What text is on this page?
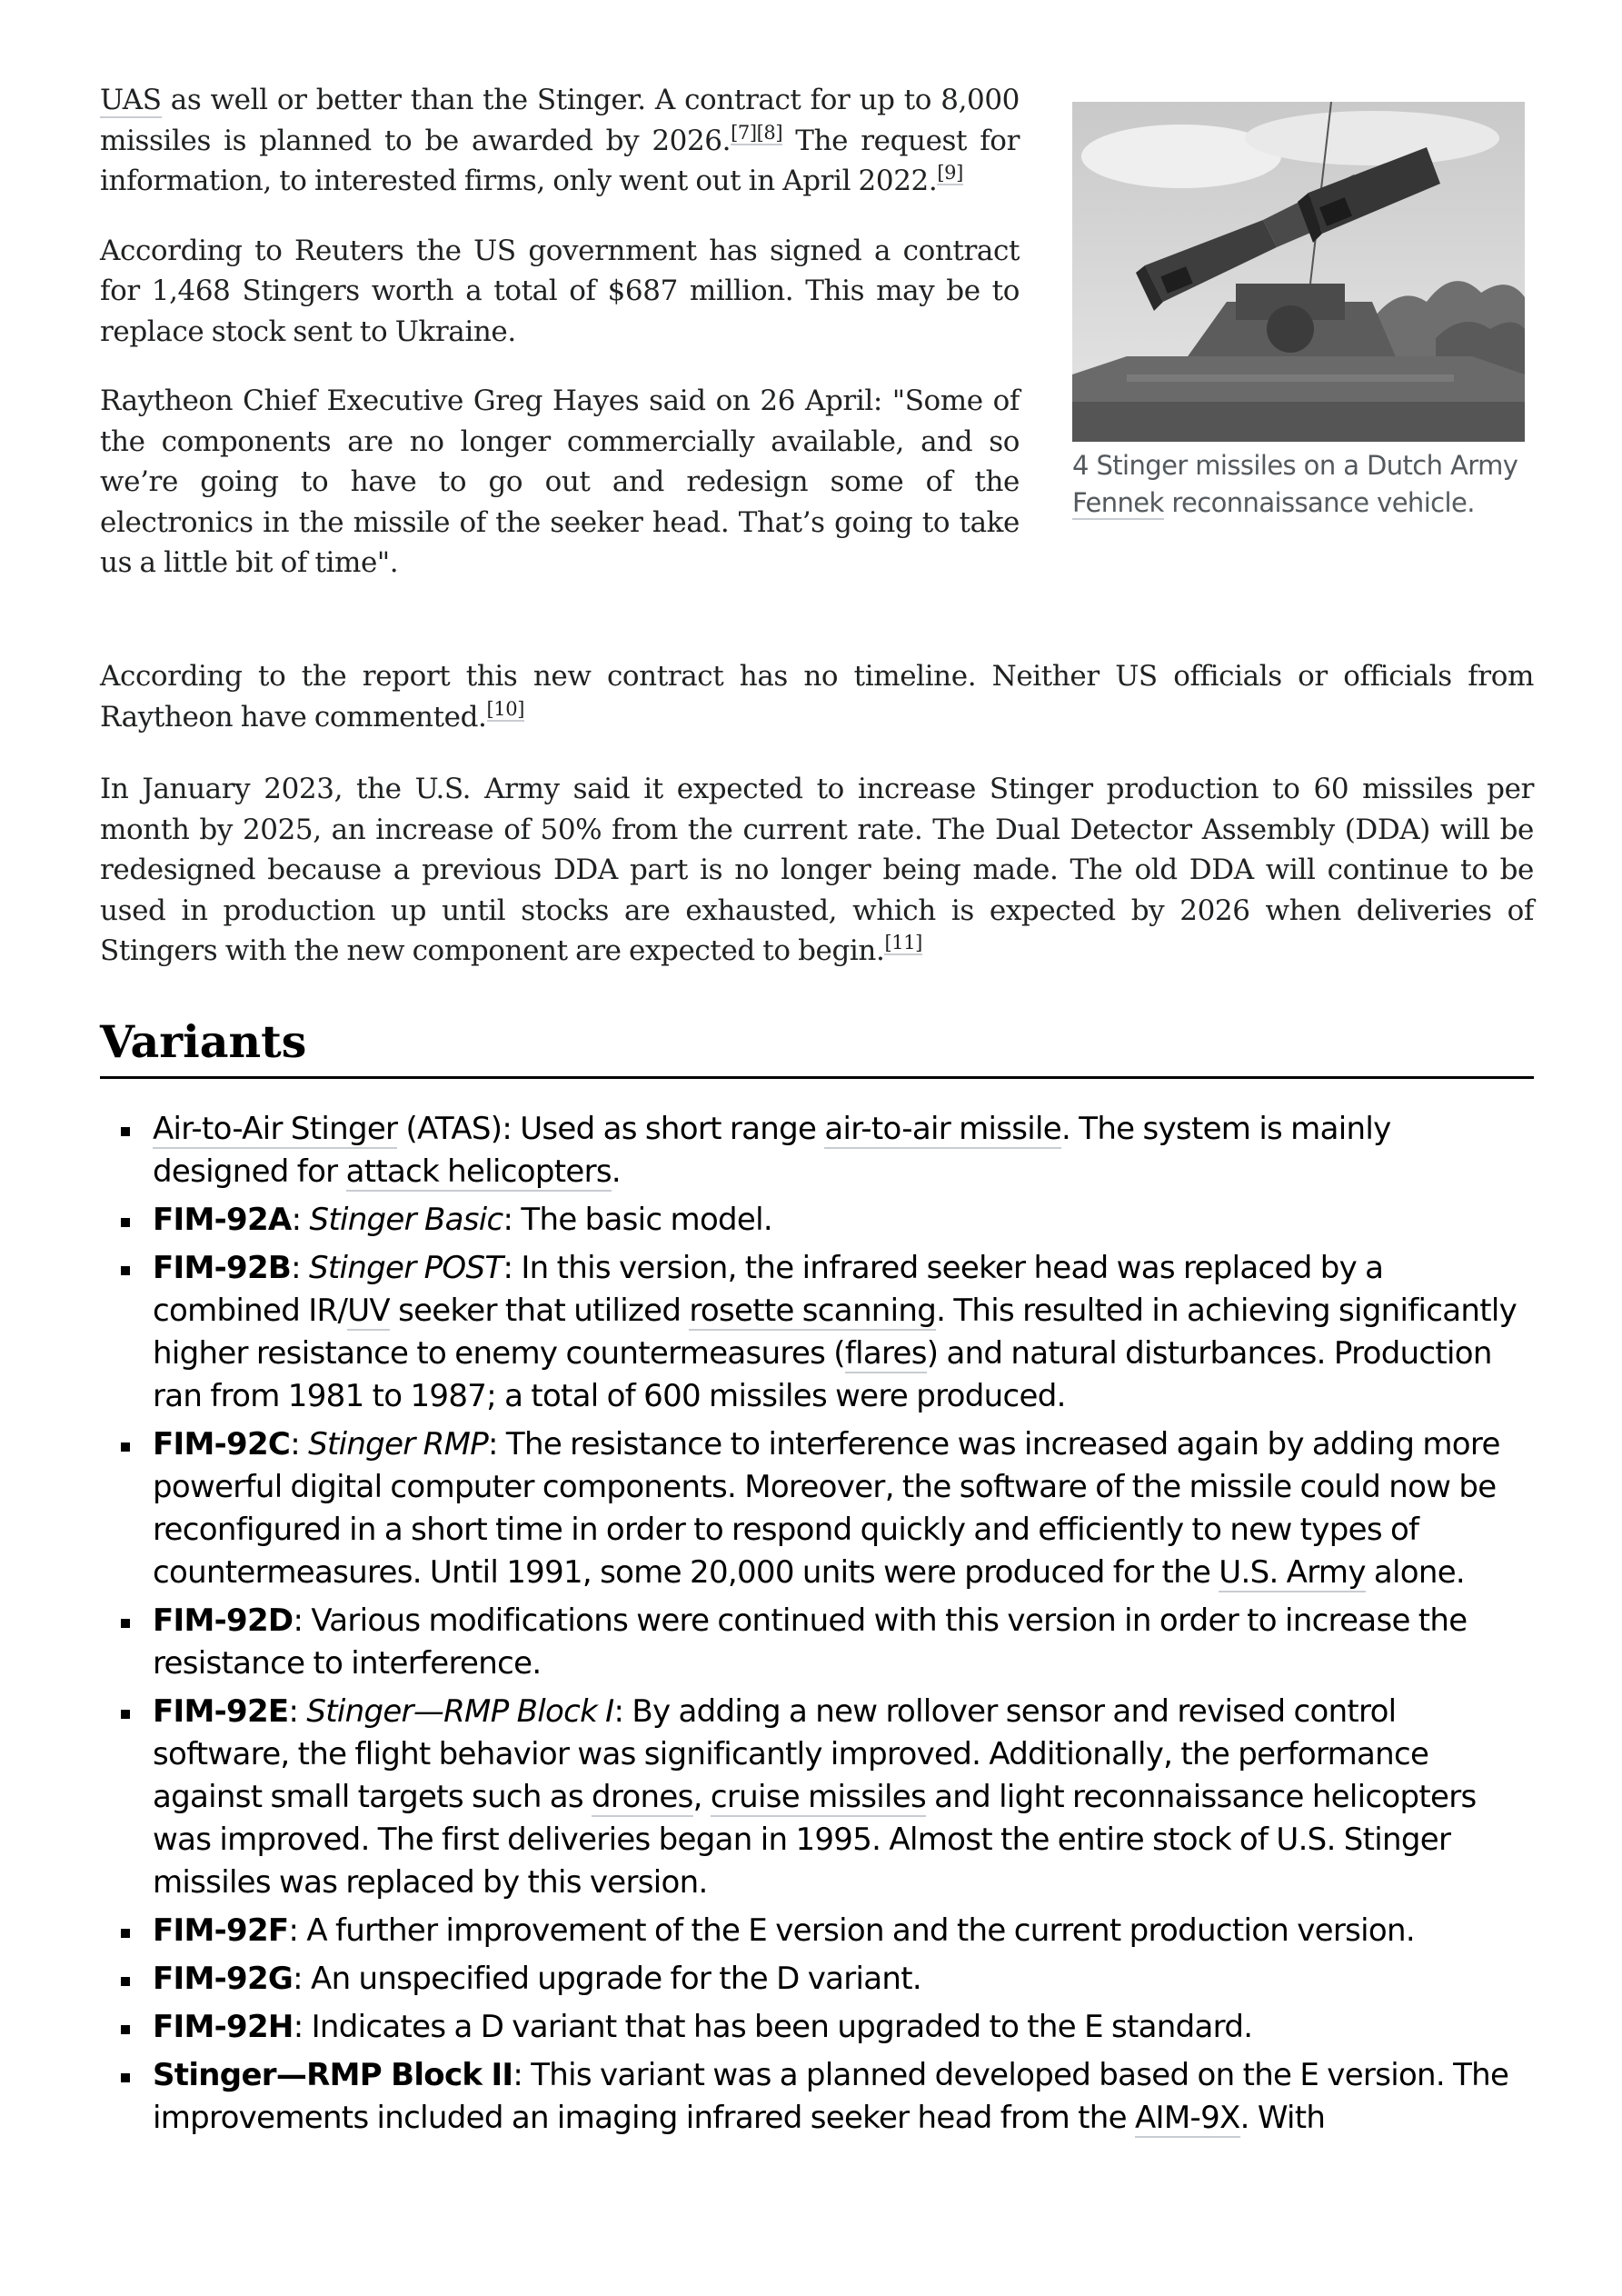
UAS as well or better than the Stinger. A contract for up to 8,000 missiles is planned to be awarded by 2026.[7][8] The request for information, to interested firms, only went out in April 2022.[9]

According to Reuters the US government has signed a contract for 1,468 Stingers worth a total of $687 million. This may be to replace stock sent to Ukraine.

Raytheon Chief Executive Greg Hayes said on 26 April: "Some of the components are no longer commercially available, and so we’re going to have to go out and redesign some of the electronics in the missile of the seeker head. That’s going to take us a little bit of time".

4 Stinger missiles on a Dutch Army Fennek reconnaissance vehicle.

According to the report this new contract has no timeline. Neither US officials or officials from Raytheon have commented.[10]

In January 2023, the U.S. Army said it expected to increase Stinger production to 60 missiles per month by 2025, an increase of 50% from the current rate. The Dual Detector Assembly (DDA) will be redesigned because a previous DDA part is no longer being made. The old DDA will continue to be used in production up until stocks are exhausted, which is expected by 2026 when deliveries of Stingers with the new component are expected to begin.[11]

Variants
Air-to-Air Stinger (ATAS): Used as short range air-to-air missile. The system is mainly designed for attack helicopters.
FIM-92A: Stinger Basic: The basic model.
FIM-92B: Stinger POST: In this version, the infrared seeker head was replaced by a combined IR/UV seeker that utilized rosette scanning. This resulted in achieving significantly higher resistance to enemy countermeasures (flares) and natural disturbances. Production ran from 1981 to 1987; a total of 600 missiles were produced.
FIM-92C: Stinger RMP: The resistance to interference was increased again by adding more powerful digital computer components. Moreover, the software of the missile could now be reconfigured in a short time in order to respond quickly and efficiently to new types of countermeasures. Until 1991, some 20,000 units were produced for the U.S. Army alone.
FIM-92D: Various modifications were continued with this version in order to increase the resistance to interference.
FIM-92E: Stinger—RMP Block I: By adding a new rollover sensor and revised control software, the flight behavior was significantly improved. Additionally, the performance against small targets such as drones, cruise missiles and light reconnaissance helicopters was improved. The first deliveries began in 1995. Almost the entire stock of U.S. Stinger missiles was replaced by this version.
FIM-92F: A further improvement of the E version and the current production version.
FIM-92G: An unspecified upgrade for the D variant.
FIM-92H: Indicates a D variant that has been upgraded to the E standard.
Stinger—RMP Block II: This variant was a planned developed based on the E version. The improvements included an imaging infrared seeker head from the AIM-9X. With
